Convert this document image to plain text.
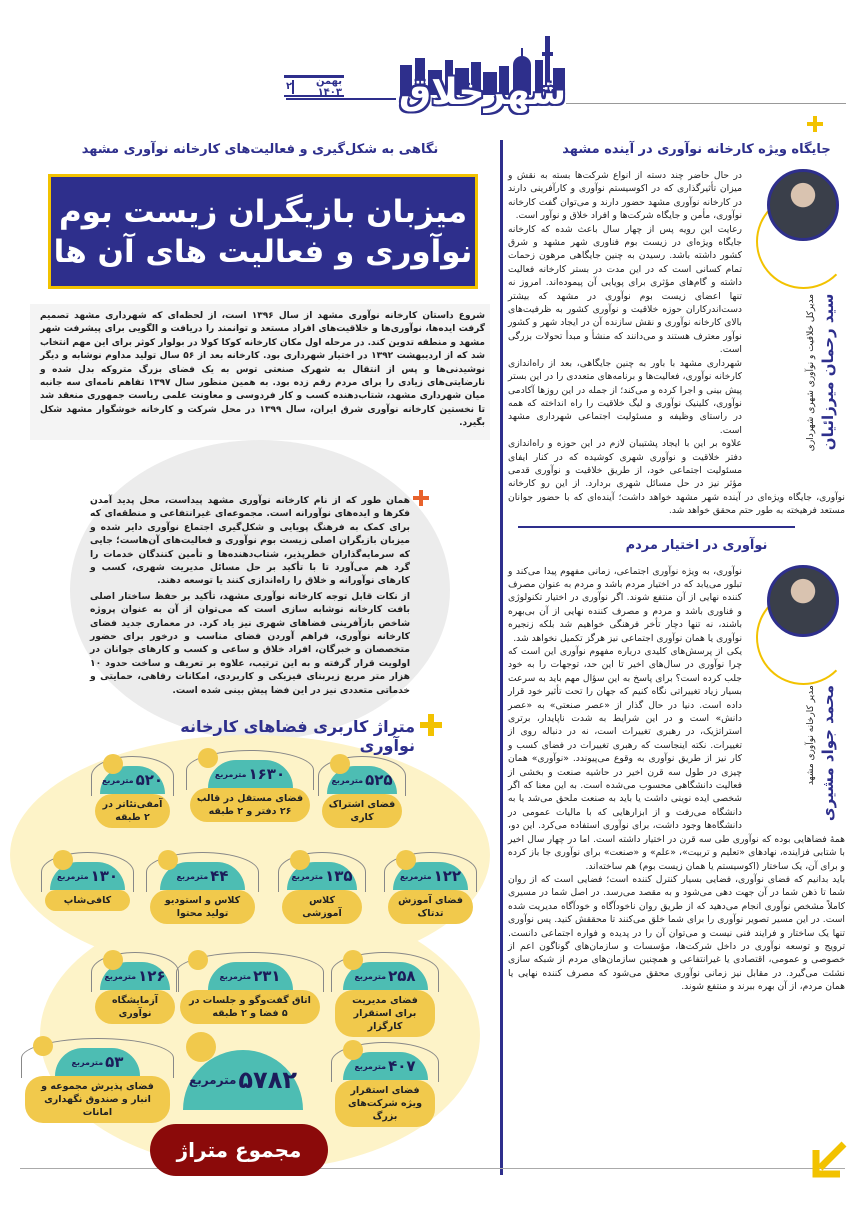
شهرخلاق
بهمن ۱۴۰۳
۲
نگاهی به شکل‌گیری و فعالیت‌های کارخانه نوآوری مشهد
میزبان بازیگران زیست بوم
نوآوری و فعالیت های آن ها

شروع داستان کارخانه نوآوری مشهد از سال ۱۳۹۶ است، از لحظه‌ای که شهرداری مشهد تصمیم گرفت ایده‌ها، نوآوری‌ها و خلاقیت‌های افراد مستعد و توانمند را دریافت و الگویی برای پیشرفت شهر مشهد و منطقه تدوین کند. در مرحله اول مکان کارخانه کوکا کولا در بولوار کوثر برای این مهم انتخاب شد که از اردیبهشت ۱۳۹۲ در اختیار شهرداری بود. کارخانه بعد از ۵۶ سال تولید مداوم نوشابه و دیگر نوشیدنی‌ها و پس از انتقال به شهرک صنعتی توس به یک فضای بزرگ متروکه بدل شده و نارضایتی‌های زیادی را برای مردم رقم زده بود. به همین منظور سال ۱۳۹۷ تفاهم نامه‌ای سه جانبه میان شهرداری مشهد، شتاب‌دهنده کسب و کار فردوسی و معاونت علمی ریاست جمهوری منعقد شد تا نخستین کارخانه نوآوری شرق ایران، سال ۱۳۹۹ در محل شرکت و کارخانه خوشگوار مشهد شکل بگیرد.

همان طور که از نام کارخانه نوآوری مشهد پیداست، محل پدید آمدن فکرها و ایده‌های نوآورانه است. مجموعه‌ای غیرانتفاعی و منطقه‌ای که برای کمک به فرهنگ پویایی و شکل‌گیری اجتماع نوآوری دایر شده و میزبان بازیگران اصلی زیست بوم نوآوری و فعالیت‌های آن‌هاست؛ جایی که سرمایه‌گذاران خطرپذیر، شتاب‌دهنده‌ها و تأمین کنندگان خدمات را گرد هم می‌آورد تا با تأکید بر حل مسائل مدیریت شهری، کسب و کارهای نوآورانه و خلاق را راه‌اندازی کنند یا توسعه دهند.

از نکات قابل توجه کارخانه نوآوری مشهد، تأکید بر حفظ ساختار اصلی بافت کارخانه نوشابه سازی است که می‌توان از آن به عنوان پروژه شاخص بازآفرینی فضاهای شهری نیز یاد کرد. در معماری جدید فضای کارخانه نوآوری، فراهم آوردن فضای مناسب و درخور برای حضور متخصصان و خبرگان، افراد خلاق و ساعی و کسب و کارهای جوانان در اولویت قرار گرفته و به این ترتیب، علاوه بر تعریف و ساخت حدود ۱۰ هزار متر مربع زیربنای فیزیکی و کاربردی، امکانات رفاهی، حمایتی و خدماتی متعددی نیز در این فضا پیش بینی شده است.

متراژ کاربری فضاهای کارخانه نوآوری
۵۲۰
مترمربع
آمفی‌تئاتر در ۲ طبقه
۱۶۳۰
مترمربع
فضای مستقل در قالب ۲۶ دفتر و ۲ طبقه
۵۲۵
مترمربع
فضای اشتراک کاری
۱۳۰
مترمربع
کافی‌شاپ
۴۴
مترمربع
کلاس و استودیو تولید محتوا
۱۳۵
مترمربع
کلاس آموزشی
۱۲۲
مترمربع
فضای آموزش تدتاک
۱۲۶
مترمربع
آزمایشگاه نوآوری
۲۳۱
مترمربع
اتاق گفت‌وگو و جلسات در ۵ فضا و ۲ طبقه
۲۵۸
مترمربع
فضای مدیریت برای استقرار کارگزار
۵۳
مترمربع
فضای پذیرش مجموعه و انبار و صندوق نگهداری امانات
۴۰۷
مترمربع
فضای استقرار ویژه شرکت‌های بزرگ
۵۷۸۲
مترمربع
مجموع متراژ
جایگاه ویژه کارخانه نوآوری در آینده مشهد
سید رحمان میرزائیان
مدیرکل خلاقیت و نوآوری شهری شهرداری

در حال حاضر چند دسته از انواع شرکت‌ها بسته به نقش و میزان تأثیرگذاری که در اکوسیستم نوآوری و کارآفرینی دارند در کارخانه نوآوری مشهد حضور دارند و می‌توان گفت کارخانه نوآوری، مأمن و جایگاه شرکت‌ها و افراد خلاق و نوآور است.

رعایت این رویه پس از چهار سال باعث شده که کارخانه جایگاه ویژه‌ای در زیست بوم فناوری شهر مشهد و شرق کشور داشته باشد. رسیدن به چنین جایگاهی مرهون زحمات تمام کسانی است که در این مدت در بستر کارخانه فعالیت داشته و گام‌های مؤثری برای پویایی آن پیموده‌اند. امروز نه تنها اعضای زیست بوم نوآوری در مشهد که بیشتر دست‌اندرکاران حوزه خلاقیت و نوآوری کشور به ظرفیت‌های بالای کارخانه نوآوری و نقش سازنده آن در ایجاد شهر و کشور نوآور معترف هستند و می‌دانند که منشأ و مبدأ تحولات بزرگی است.

شهرداری مشهد با باور به چنین جایگاهی، بعد از راه‌اندازی کارخانه نوآوری، فعالیت‌ها و برنامه‌های متعددی را در این بستر پیش بینی و اجرا کرده و می‌کند؛ از جمله در این روزها آکادمی نوآوری، کلینیک نوآوری و لیگ خلاقیت را راه انداخته که همه در راستای وظیفه و مسئولیت اجتماعی شهرداری مشهد است.

علاوه بر این با ایجاد پشتیبان لازم در این حوزه و راه‌اندازی دفتر خلاقیت و نوآوری شهری کوشیده که در کنار ایفای مسئولیت اجتماعی خود، از طریق خلاقیت و نوآوری قدمی مؤثر نیز در حل مسائل شهری بردارد. از این رو کارخانه نوآوری، جایگاه ویژه‌ای در آینده شهر مشهد خواهد داشت؛ آینده‌ای که با حضور جوانان مستعد فرهیخته به طور حتم محقق خواهد شد.

نوآوری در اختیار مردم
محمد جواد مشیری
مدیر کارخانه نوآوری مشهد

نوآوری، به ویژه نوآوری اجتماعی، زمانی مفهوم پیدا می‌کند و تبلور می‌یابد که در اختیار مردم باشد و مردم به عنوان مصرف کننده نهایی از آن منتفع شوند. اگر نوآوری در اختیار تکنولوژی و فناوری باشد و مردم و مصرف کننده نهایی از آن بی‌بهره باشند، نه تنها دچار تأخر فرهنگی خواهیم شد بلکه زنجیره نوآوری یا همان نوآوری اجتماعی نیز هرگز تکمیل نخواهد شد.

یکی از پرسش‌های کلیدی درباره مفهوم نوآوری این است که چرا نوآوری در سال‌های اخیر تا این حد، توجهات را به خود جلب کرده است؟ برای پاسخ به این سؤال مهم باید به سرعت بسیار زیاد تغییراتی نگاه کنیم که جهان را تحت تأثیر خود قرار داده است. دنیا در حال گذار از «عصر صنعتی» به «عصر دانش» است و در این شرایط به شدت ناپایدار، برتری استراتژیک، در رهبری تغییرات است، نه در دنباله روی از تغییرات. نکته اینجاست که رهبری تغییرات در فضای کسب و کار نیز از طریق نوآوری به وقوع می‌پیوندد. «نوآوری» همان چیزی در طول سه قرن اخیر در حاشیه صنعت و بخشی از فعالیت دانشگاهی محسوب می‌شده است. به این معنا که اگر شخصی ایده نوینی داشت یا باید به صنعت ملحق می‌شد یا به دانشگاه می‌رفت و از ابزارهایی که با مالیات عمومی در دانشگاه‌ها وجود داشت، برای نوآوری استفاده می‌کرد. این دو، همهٔ فضاهایی بوده که نوآوری طی سه قرن در اختیار داشته است. اما در چهار سال اخیر با شتابی فزاینده، نهادهای «تعلیم و تربیت»، «علم» و «صنعت» برای نوآوری جا باز کرده و برای آن، یک ساختار (اکوسیستم یا همان زیست بوم) هم ساخته‌اند.

باید بدانیم که فضای نوآوری، فضایی بسیار کنترل کننده است؛ فضایی است که از روان شما تا ذهن شما در آن جهت دهی می‌شود و به مقصد می‌رسد. در اصل شما در مسیری کاملاً مشخص نوآوری انجام می‌دهید که از طریق روان ناخودآگاه و خودآگاه مدیریت شده است. در این مسیر تصویر نوآوری را برای شما خلق می‌کنند تا محققش کنید. پس نوآوری تنها یک ساختار و فرایند فنی نیست و می‌توان آن را در پدیده و فواره اجتماعی دانست. ترویج و توسعه نوآوری در داخل شرکت‌ها، مؤسسات و سازمان‌های گوناگون اعم از خصوصی و عمومی، اقتصادی یا غیرانتفاعی و همچنین سازمان‌های مردم از شبکه سازی نشئت می‌گیرد. در مقابل نیز زمانی نوآوری محقق می‌شود که مصرف کننده نهایی یا همان مردم، از آن بهره ببرند و منتفع شوند.
